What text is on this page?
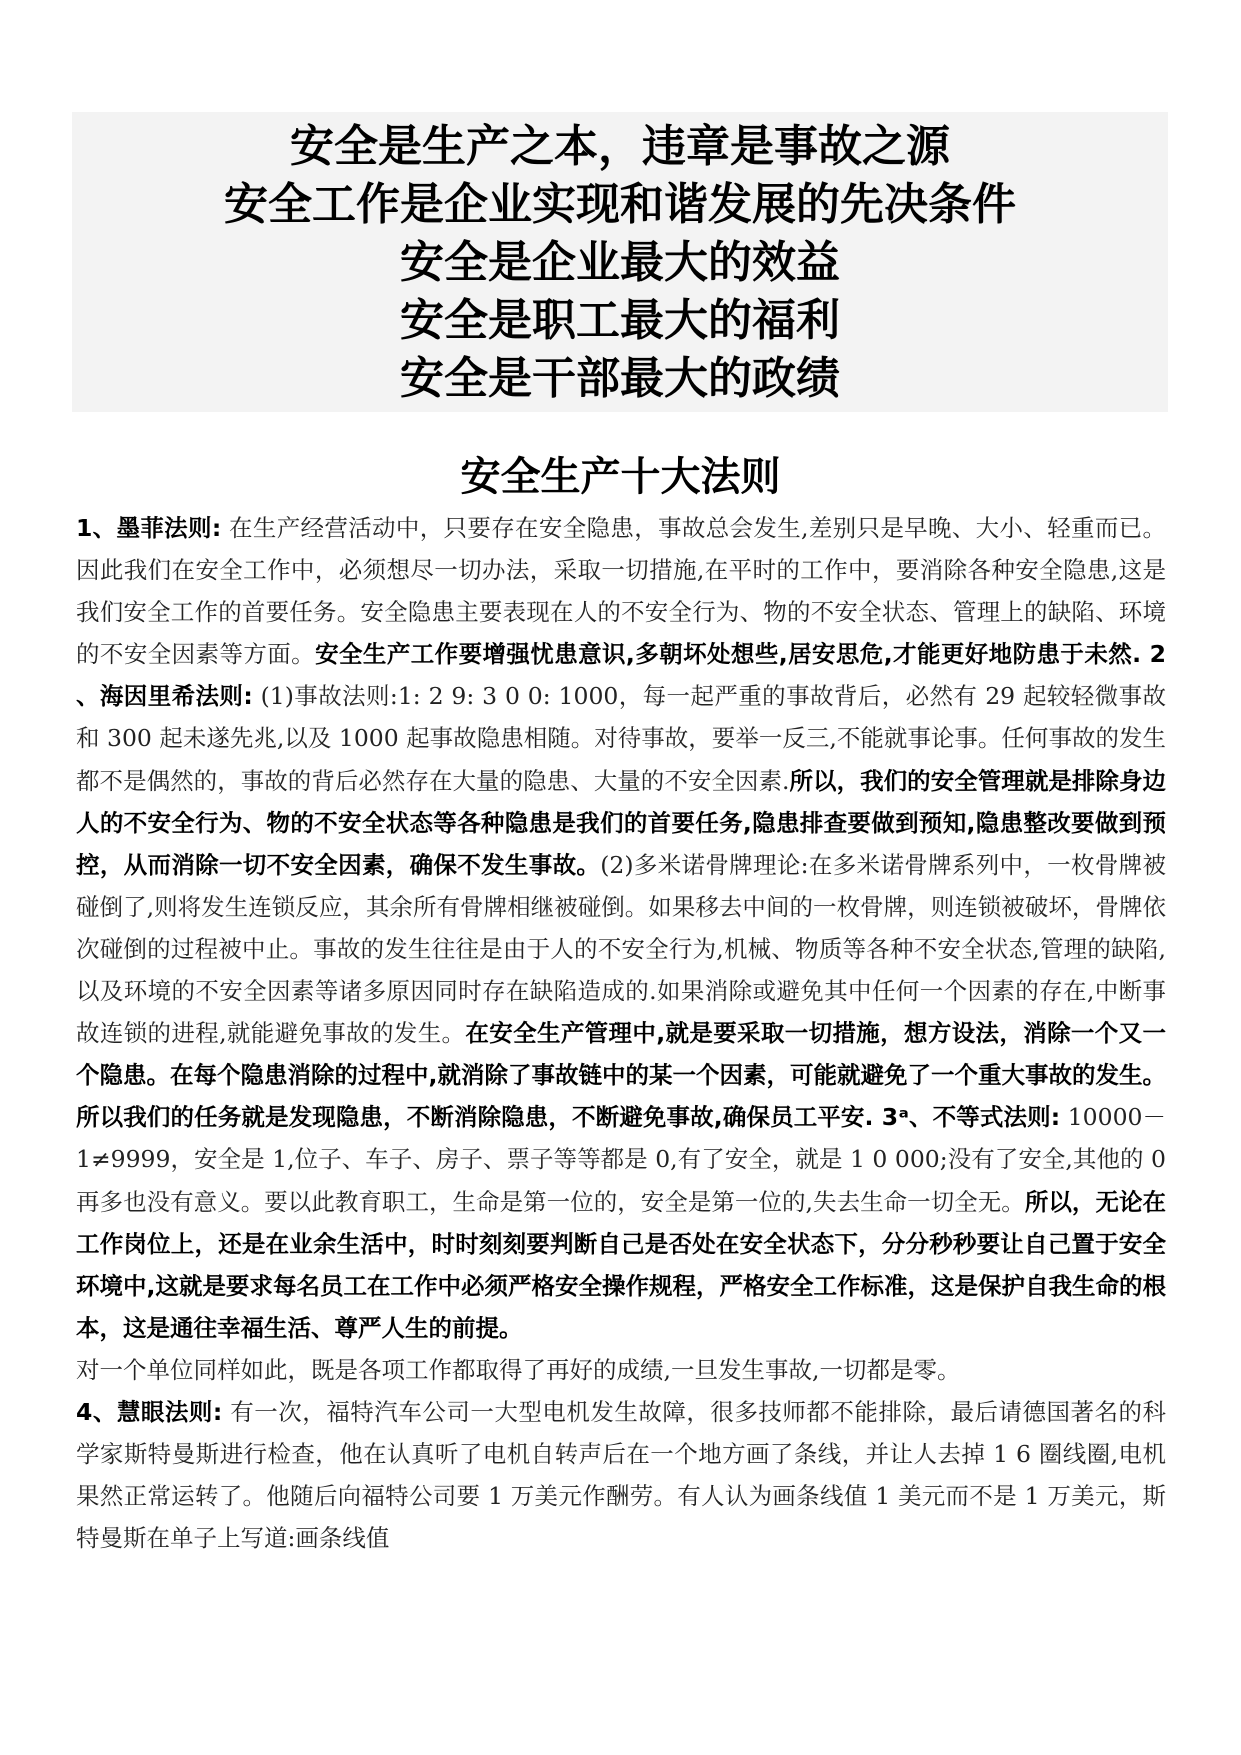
安全是生产之本，违章是事故之源
安全工作是企业实现和谐发展的先决条件
安全是企业最大的效益
安全是职工最大的福利
安全是干部最大的政绩
安全生产十大法则
1、墨菲法则: 在生产经营活动中，只要存在安全隐患，事故总会发生,差别只是早晚、大小、轻重而已。因此我们在安全工作中，必须想尽一切办法，采取一切措施,在平时的工作中，要消除各种安全隐患,这是我们安全工作的首要任务。安全隐患主要表现在人的不安全行为、物的不安全状态、管理上的缺陷、环境的不安全因素等方面。安全生产工作要增强忧患意识,多朝坏处想些,居安思危,才能更好地防患于未然. 2 、海因里希法则: (1)事故法则:1: 2 9: 3 0 0: 1000，每一起严重的事故背后，必然有 29 起较轻微事故和 300 起未遂先兆,以及 1000 起事故隐患相随。对待事故，要举一反三,不能就事论事。任何事故的发生都不是偶然的，事故的背后必然存在大量的隐患、大量的不安全因素.所以，我们的安全管理就是排除身边人的不安全行为、物的不安全状态等各种隐患是我们的首要任务,隐患排查要做到预知,隐患整改要做到预控，从而消除一切不安全因素，确保不发生事故。(2)多米诺骨牌理论:在多米诺骨牌系列中，一枚骨牌被碰倒了,则将发生连锁反应，其余所有骨牌相继被碰倒。如果移去中间的一枚骨牌，则连锁被破坏，骨牌依次碰倒的过程被中止。事故的发生往往是由于人的不安全行为,机械、物质等各种不安全状态,管理的缺陷,以及环境的不安全因素等诸多原因同时存在缺陷造成的.如果消除或避免其中任何一个因素的存在,中断事故连锁的进程,就能避免事故的发生。在安全生产管理中,就是要采取一切措施，想方设法，消除一个又一个隐患。在每个隐患消除的过程中,就消除了事故链中的某一个因素，可能就避免了一个重大事故的发生。所以我们的任务就是发现隐患，不断消除隐患，不断避免事故,确保员工平安. 3ᵃ、不等式法则: 10000－1≠9999，安全是 1,位子、车子、房子、票子等等都是 0,有了安全，就是 1 0 000;没有了安全,其他的 0 再多也没有意义。要以此教育职工，生命是第一位的，安全是第一位的,失去生命一切全无。所以，无论在工作岗位上，还是在业余生活中，时时刻刻要判断自己是否处在安全状态下，分分秒秒要让自己置于安全环境中,这就是要求每名员工在工作中必须严格安全操作规程，严格安全工作标准，这是保护自我生命的根本，这是通往幸福生活、尊严人生的前提。
对一个单位同样如此，既是各项工作都取得了再好的成绩,一旦发生事故,一切都是零。
4、慧眼法则: 有一次，福特汽车公司一大型电机发生故障，很多技师都不能排除，最后请德国著名的科学家斯特曼斯进行检查，他在认真听了电机自转声后在一个地方画了条线，并让人去掉 1 6 圈线圈,电机果然正常运转了。他随后向福特公司要 1 万美元作酬劳。有人认为画条线值 1 美元而不是 1 万美元，斯特曼斯在单子上写道:画条线值
